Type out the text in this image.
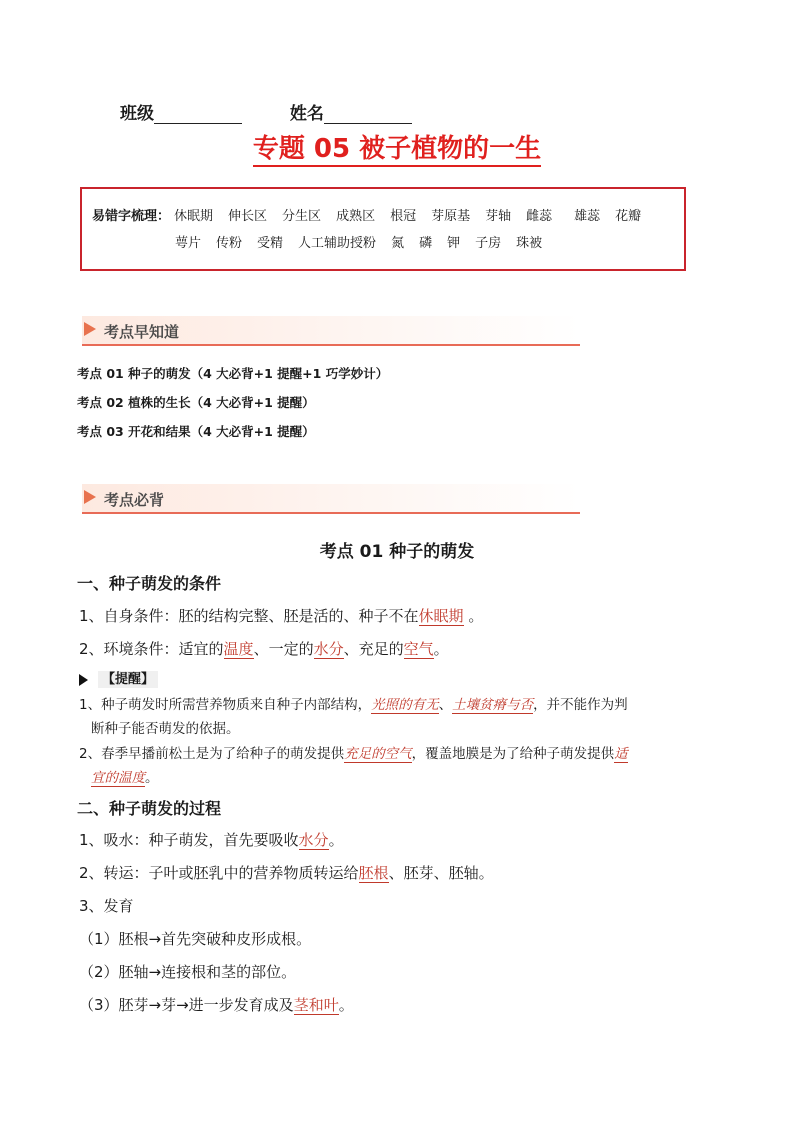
班级	姓名
专题 05 被子植物的一生
易错字梳理： 休眠期 伸长区 分生区 成熟区 根冠 芽原基 芽轴 雌蕊 雄蕊 花瓣
萼片 传粉 受精 人工辅助授粉 氮 磷 钾 子房 珠被
考点早知道
考点 01 种子的萌发（4 大必背+1 提醒+1 巧学妙计）
考点 02 植株的生长（4 大必背+1 提醒）
考点 03 开花和结果（4 大必背+1 提醒）
考点必背
考点 01 种子的萌发
一、种子萌发的条件
1、自身条件：胚的结构完整、胚是活的、种子不在休眠期 。
2、环境条件：适宜的温度、一定的水分、充足的空气。
【提醒】
1、种子萌发时所需营养物质来自种子内部结构，光照的有无、土壤贫瘠与否，并不能作为判
断种子能否萌发的依据。
2、春季早播前松土是为了给种子的萌发提供充足的空气，覆盖地膜是为了给种子萌发提供适
宜的温度。
二、种子萌发的过程
1、吸水：种子萌发，首先要吸收水分。
2、转运：子叶或胚乳中的营养物质转运给胚根、胚芽、胚轴。
3、发育
（1）胚根→首先突破种皮形成根。
（2）胚轴→连接根和茎的部位。
（3）胚芽→芽→进一步发育成及茎和叶。
